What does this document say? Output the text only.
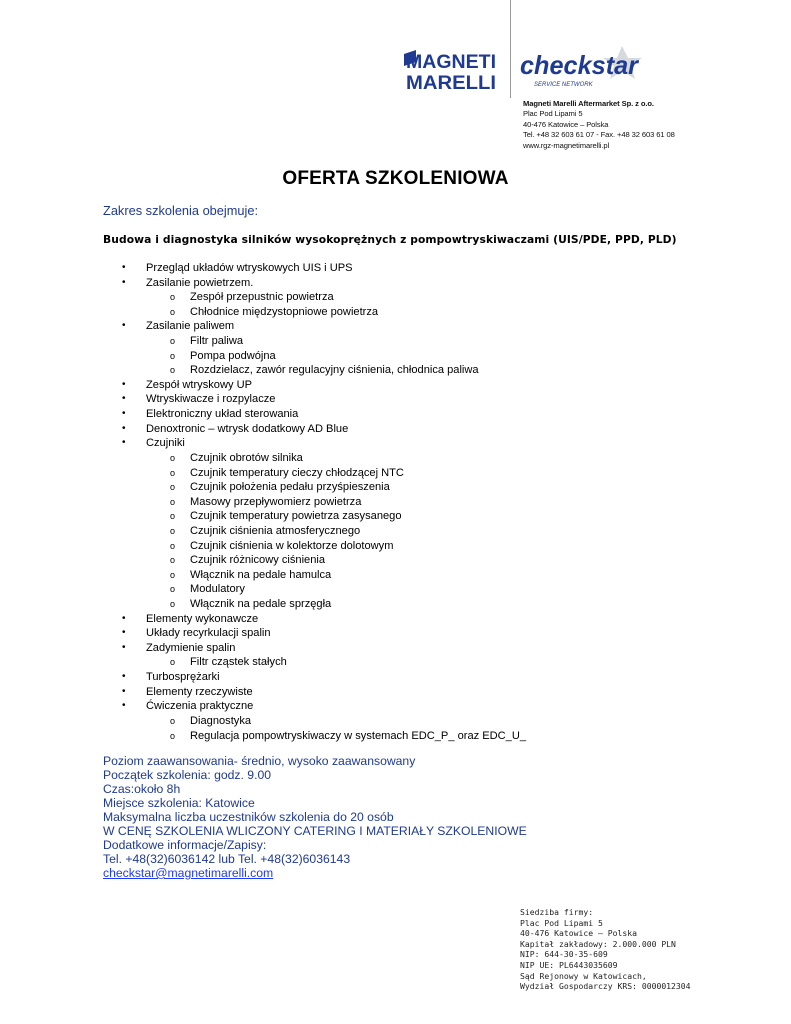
MAGNETI
MARELLI
checkstar
SERVICE NETWORK
Magneti Marelli Aftermarket Sp. z o.o.
Plac Pod Lipami 5
40-476 Katowice – Polska
Tel. +48 32 603 61 07 - Fax. +48 32 603 61 08
www.rgz-magnetimarelli.pl
OFERTA SZKOLENIOWA
Zakres szkolenia obejmuje:
Budowa i diagnostyka silników wysokoprężnych z pompowtryskiwaczami (UIS/PDE, PPD, PLD)
• Przegląd układów wtryskowych UIS i UPS
• Zasilanie powietrzem.
o Zespół przepustnic powietrza
o Chłodnice międzystopniowe powietrza
• Zasilanie paliwem
o Filtr paliwa
o Pompa podwójna
o Rozdzielacz, zawór regulacyjny ciśnienia, chłodnica paliwa
• Zespół wtryskowy UP
• Wtryskiwacze i rozpylacze
• Elektroniczny układ sterowania
• Denoxtronic – wtrysk dodatkowy AD Blue
• Czujniki
o Czujnik obrotów silnika
o Czujnik temperatury cieczy chłodzącej NTC
o Czujnik położenia pedału przyśpieszenia
o Masowy przepływomierz powietrza
o Czujnik temperatury powietrza zasysanego
o Czujnik ciśnienia atmosferycznego
o Czujnik ciśnienia w kolektorze dolotowym
o Czujnik różnicowy ciśnienia
o Włącznik na pedale hamulca
o Modulatory
o Włącznik na pedale sprzęgła
• Elementy wykonawcze
• Układy recyrkulacji spalin
• Zadymienie spalin
o Filtr cząstek stałych
• Turbosprężarki
• Elementy rzeczywiste
• Ćwiczenia praktyczne
o Diagnostyka
o Regulacja pompowtryskiwaczy w systemach EDC_P_ oraz EDC_U_
Poziom zaawansowania- średnio, wysoko zaawansowany
Początek szkolenia: godz. 9.00
Czas:około 8h
Miejsce szkolenia: Katowice
Maksymalna liczba uczestników szkolenia do 20 osób
W CENĘ SZKOLENIA WLICZONY CATERING I MATERIAŁY SZKOLENIOWE
Dodatkowe informacje/Zapisy:
Tel. +48(32)6036142 lub Tel. +48(32)6036143
checkstar@magnetimarelli.com
Siedziba firmy:
Plac Pod Lipami 5
40-476 Katowice – Polska
Kapitał zakładowy: 2.000.000 PLN
NIP: 644-30-35-609
NIP UE: PL6443035609
Sąd Rejonowy w Katowicach,
Wydział Gospodarczy KRS: 0000012304
